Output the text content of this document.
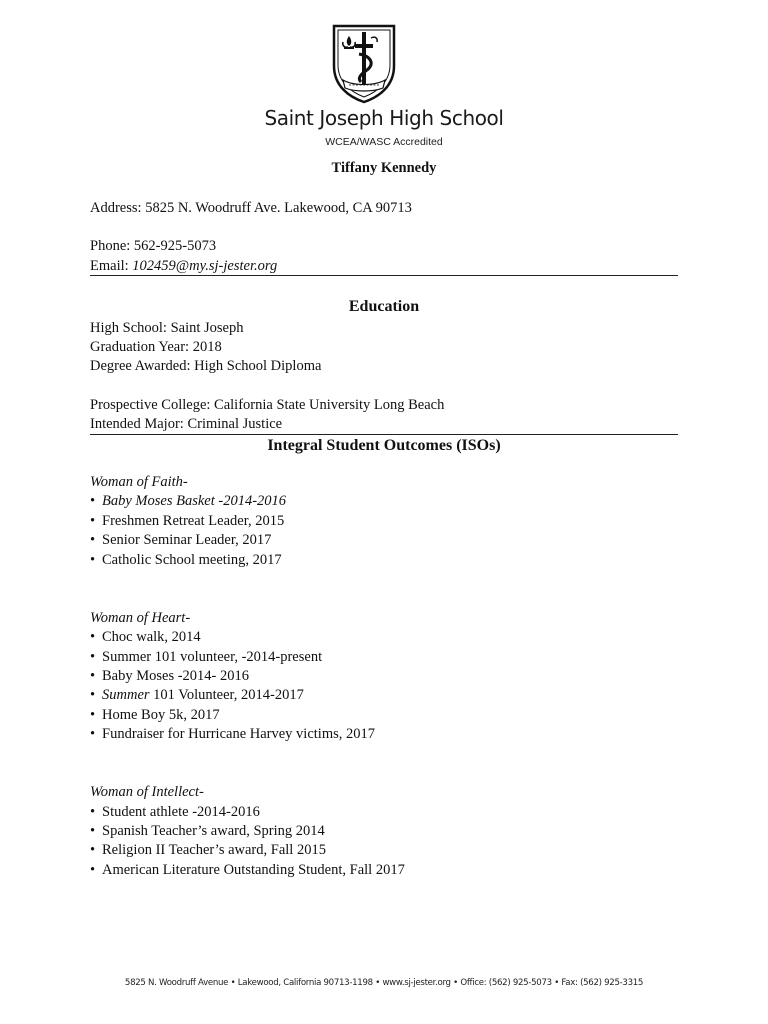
Saint Joseph High School
WCEA/WASC Accredited
Tiffany Kennedy
Address: 5825 N. Woodruff Ave. Lakewood, CA 90713
Phone: 562-925-5073
Email: 102459@my.sj-jester.org
Education
High School: Saint Joseph
Graduation Year: 2018
Degree Awarded: High School Diploma
Prospective College: California State University Long Beach
Intended Major: Criminal Justice
Integral Student Outcomes (ISOs)
Woman of Faith-
• Baby Moses Basket -2014-2016
• Freshmen Retreat Leader, 2015
• Senior Seminar Leader, 2017
• Catholic School meeting, 2017
Woman of Heart-
• Choc walk, 2014
• Summer 101 volunteer, -2014-present
• Baby Moses -2014- 2016
• Summer 101 Volunteer, 2014-2017
• Home Boy 5k, 2017
• Fundraiser for Hurricane Harvey victims, 2017
Woman of Intellect-
• Student athlete -2014-2016
• Spanish Teacher’s award, Spring 2014
• Religion II Teacher’s award, Fall 2015
• American Literature Outstanding Student, Fall 2017
5825 N. Woodruff Avenue • Lakewood, California 90713-1198 • www.sj-jester.org • Office: (562) 925-5073 • Fax: (562) 925-3315
